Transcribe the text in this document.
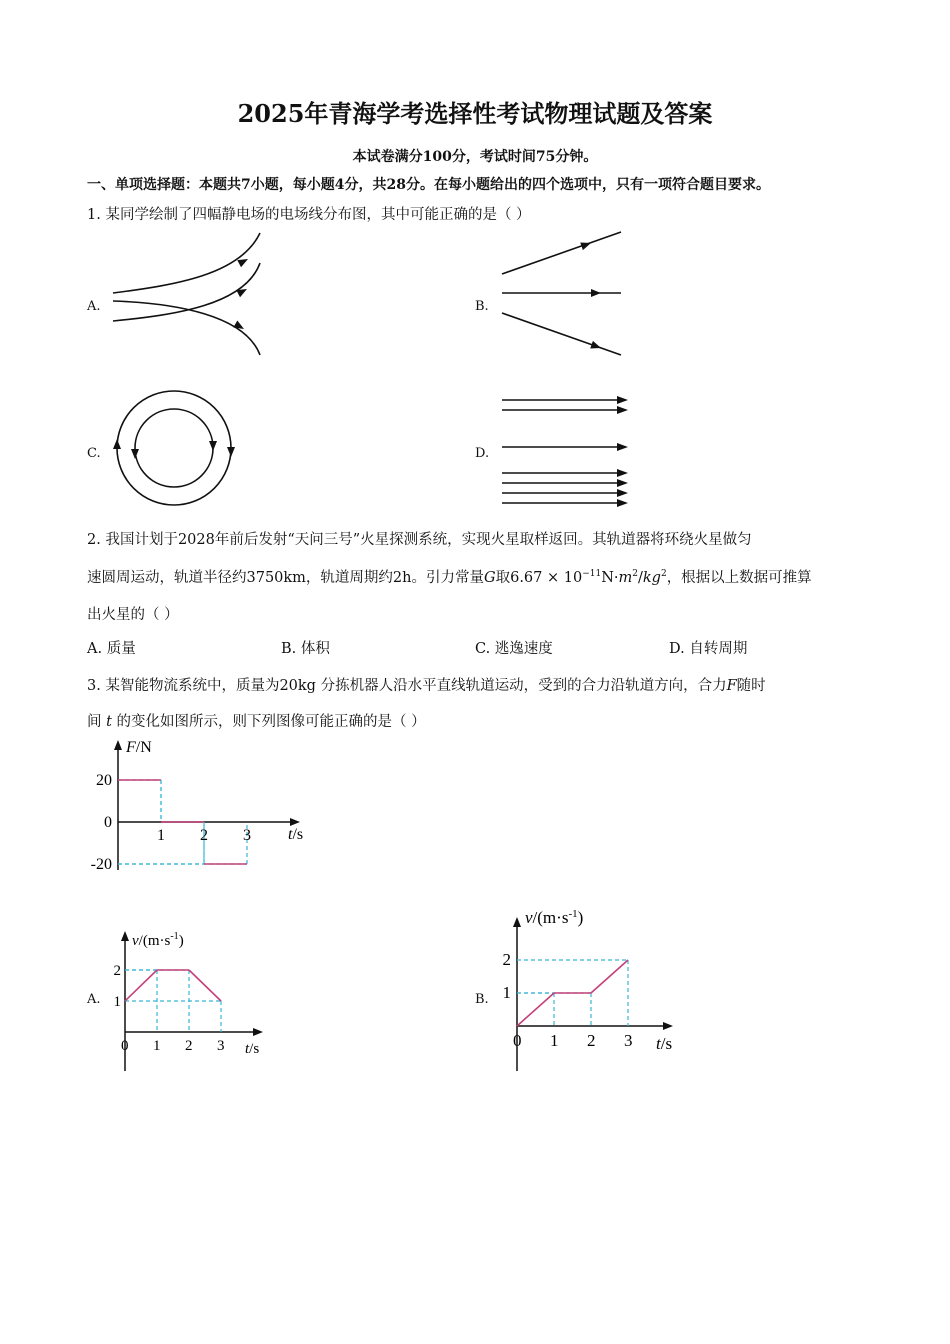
2025年青海学考选择性考试物理试题及答案
本试卷满分100分，考试时间75分钟。
一、单项选择题：本题共7小题，每小题4分，共28分。在每小题给出的四个选项中，只有一项符合题目要求。
1. 某同学绘制了四幅静电场的电场线分布图，其中可能正确的是（ ）
A.	B.
C.	D.
2. 我国计划于2028年前后发射“天问三号”火星探测系统，实现火星取样返回。其轨道器将环绕火星做匀
速圆周运动，轨道半径约3750km，轨道周期约2h。引力常量G取$6.67 \times 10^{-11}N\cdot m^2/kg^2$，根据以上数据可推算
出火星的（ ）
A. 质量	B. 体积	C. 逃逸速度	D. 自转周期
3. 某智能物流系统中，质量为20kg 分拣机器人沿水平直线轨道运动，受到的合力沿轨道方向，合力F随时
间 t 的变化如图所示，则下列图像可能正确的是（ ）
A.	B.
F/N
t/s
1 2 3
20
0
-20
$v/(m\cdot s^{-1})$
t/s
0 1 2 3
2
1
$v/(m\cdot s^{-1})$
t/s
0 1 2 3
2
1
